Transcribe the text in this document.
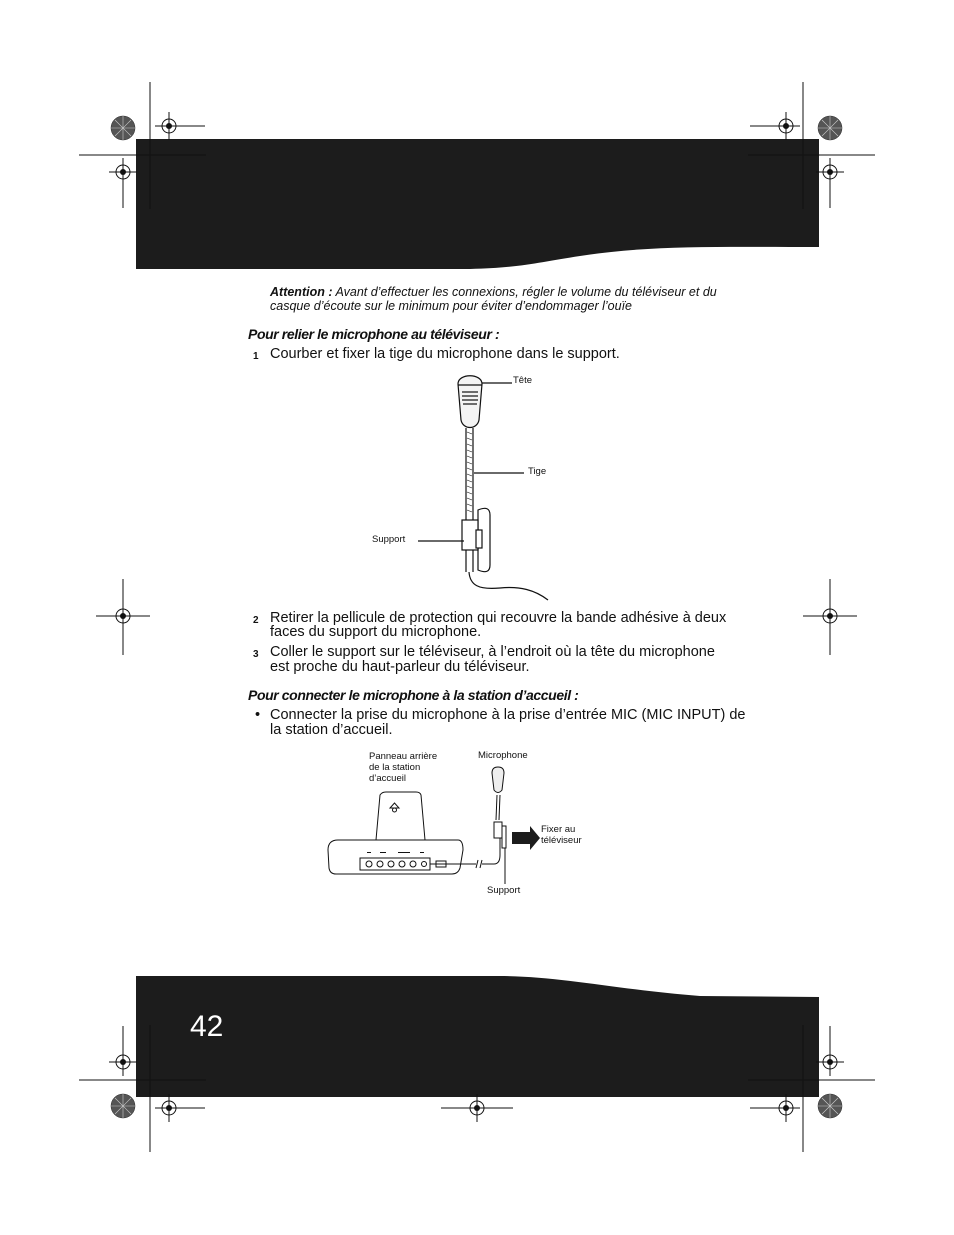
Attention : Avant d’effectuer les connexions, régler le volume du téléviseur et du casque d’écoute sur le minimum pour éviter d’endommager l’ouïe
Pour relier le microphone au téléviseur :
1 Courber et fixer la tige du microphone dans le support.
Tête
Tige
Support
2 Retirer la pellicule de protection qui recouvre la bande adhésive à deux
faces du support du microphone.
3 Coller le support sur le téléviseur, à l’endroit où la tête du microphone
est proche du haut-parleur du téléviseur.
Pour connecter le microphone à la station d’accueil :
• Connecter la prise du microphone à la prise d’entrée MIC (MIC INPUT) de
la station d’accueil.
Panneau arrière
de la station
d’accueil
Microphone
Fixer au
téléviseur
Support
42
